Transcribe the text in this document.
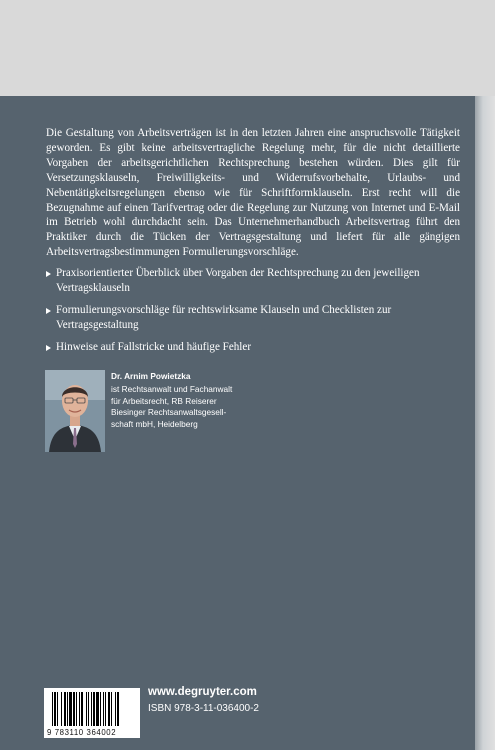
Die Gestaltung von Arbeitsverträgen ist in den letzten Jahren eine anspruchsvolle Tätigkeit geworden. Es gibt keine arbeitsvertragliche Regelung mehr, für die nicht detaillierte Vorgaben der arbeitsgerichtlichen Rechtsprechung bestehen würden. Dies gilt für Versetzungsklauseln, Freiwilligkeits- und Widerrufsvorbehalte, Urlaubs- und Nebentätigkeitsregelungen ebenso wie für Schriftformklauseln. Erst recht will die Bezugnahme auf einen Tarifvertrag oder die Regelung zur Nutzung von Internet und E-Mail im Betrieb wohl durchdacht sein. Das Unternehmerhandbuch Arbeitsvertrag führt den Praktiker durch die Tücken der Vertragsgestaltung und liefert für alle gängigen Arbeitsvertragsbestimmungen Formulierungsvorschläge.

Praxisorientierter Überblick über Vorgaben der Rechtsprechung zu den jeweiligen Vertragsklauseln
Formulierungsvorschläge für rechtswirksame Klauseln und Checklisten zur Vertragsgestaltung
Hinweise auf Fallstricke und häufige Fehler
Dr. Arnim Powietzka
ist Rechtsanwalt und Fachanwalt
für Arbeitsrecht, RB Reiserer
Biesinger Rechtsanwaltsgesell-
schaft mbH, Heidelberg
9 783110 364002
www.degruyter.com
ISBN 978-3-11-036400-2
